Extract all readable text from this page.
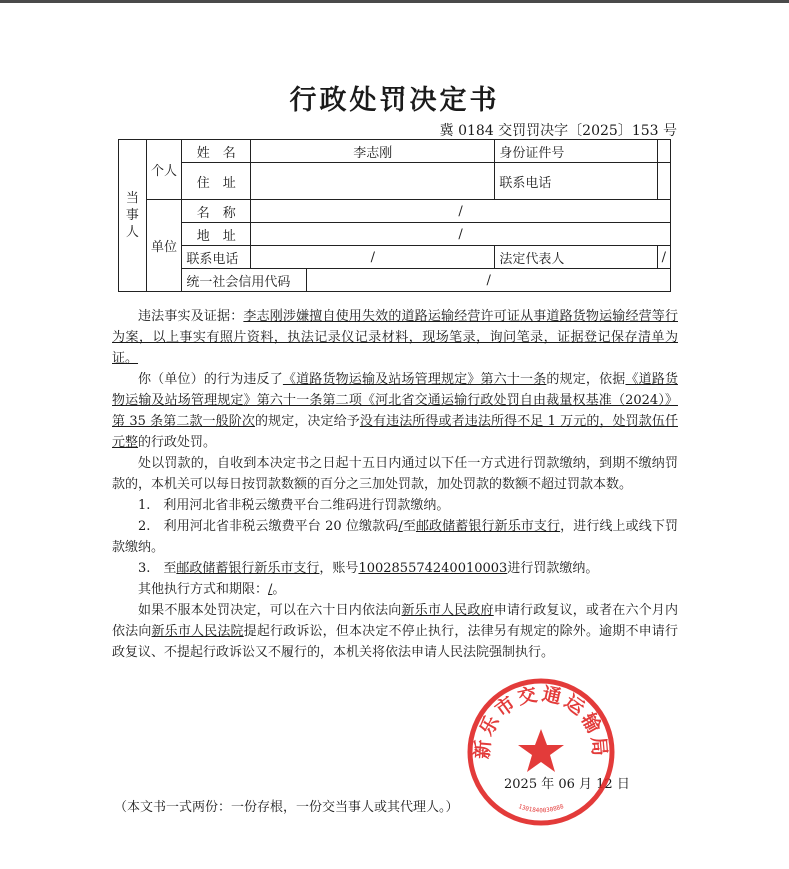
行政处罚决定书
冀 0184 交罚罚决字〔2025〕153 号
当事人	个人	姓　名	李志刚		身份证件号	
		住　址			联系电话	
	单位	名　称	/			
		地　址	/			
		联系电话	/		法定代表人	/
		统一社会信用代码		/		

违法事实及证据：李志刚涉嫌擅自使用失效的道路运输经营许可证从事道路货物运输经营等行为案，以上事实有照片资料，执法记录仪记录材料，现场笔录，询问笔录，证据登记保存清单为证。

你（单位）的行为违反了《道路货物运输及站场管理规定》第六十一条的规定，依据《道路货物运输及站场管理规定》第六十一条第二项《河北省交通运输行政处罚自由裁量权基准（2024）》第 35 条第二款一般阶次的规定，决定给予没有违法所得或者违法所得不足 1 万元的，处罚款伍仟元整的行政处罚。

处以罚款的，自收到本决定书之日起十五日内通过以下任一方式进行罚款缴纳，到期不缴纳罚款的，本机关可以每日按罚款数额的百分之三加处罚款，加处罚款的数额不超过罚款本数。

1.　利用河北省非税云缴费平台二维码进行罚款缴纳。

2.　利用河北省非税云缴费平台 20 位缴款码/至邮政储蓄银行新乐市支行，进行线上或线下罚款缴纳。

3.　至邮政储蓄银行新乐市支行，账号100285574240010003进行罚款缴纳。

其他执行方式和期限：/。

如果不服本处罚决定，可以在六十日内依法向新乐市人民政府申请行政复议，或者在六个月内依法向新乐市人民法院提起行政诉讼，但本决定不停止执行，法律另有规定的除外。逾期不申请行政复议、不提起行政诉讼又不履行的，本机关将依法申请人民法院强制执行。

2025 年 06 月 12 日
（本文书一式两份：一份存根，一份交当事人或其代理人。）
新乐市交通运输局
1301840030888
